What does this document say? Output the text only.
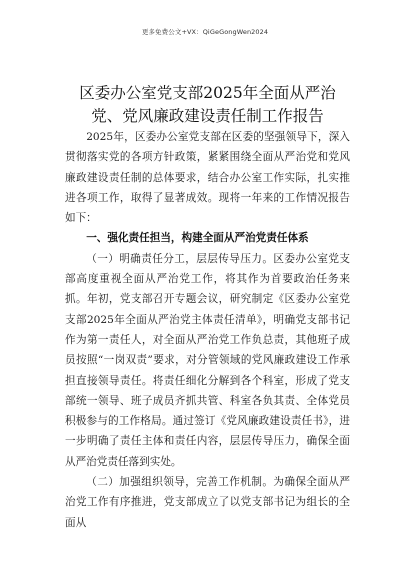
更多免费公文+VX：QiGeGongWen2024
区委办公室党支部2025年全面从严治党、党风廉政建设责任制工作报告

2025年，区委办公室党支部在区委的坚强领导下，深入贯彻落实党的各项方针政策，紧紧围绕全面从严治党和党风廉政建设责任制的总体要求，结合办公室工作实际，扎实推进各项工作，取得了显著成效。现将一年来的工作情况报告如下：

一、强化责任担当，构建全面从严治党责任体系

（一）明确责任分工，层层传导压力。区委办公室党支部高度重视全面从严治党工作，将其作为首要政治任务来抓。年初，党支部召开专题会议，研究制定《区委办公室党支部2025年全面从严治党主体责任清单》，明确党支部书记作为第一责任人，对全面从严治党工作负总责，其他班子成员按照“一岗双责”要求，对分管领域的党风廉政建设工作承担直接领导责任。将责任细化分解到各个科室，形成了党支部统一领导、班子成员齐抓共管、科室各负其责、全体党员积极参与的工作格局。通过签订《党风廉政建设责任书》，进一步明确了责任主体和责任内容，层层传导压力，确保全面从严治党责任落到实处。

（二）加强组织领导，完善工作机制。为确保全面从严治党工作有序推进，党支部成立了以党支部书记为组长的全面从
